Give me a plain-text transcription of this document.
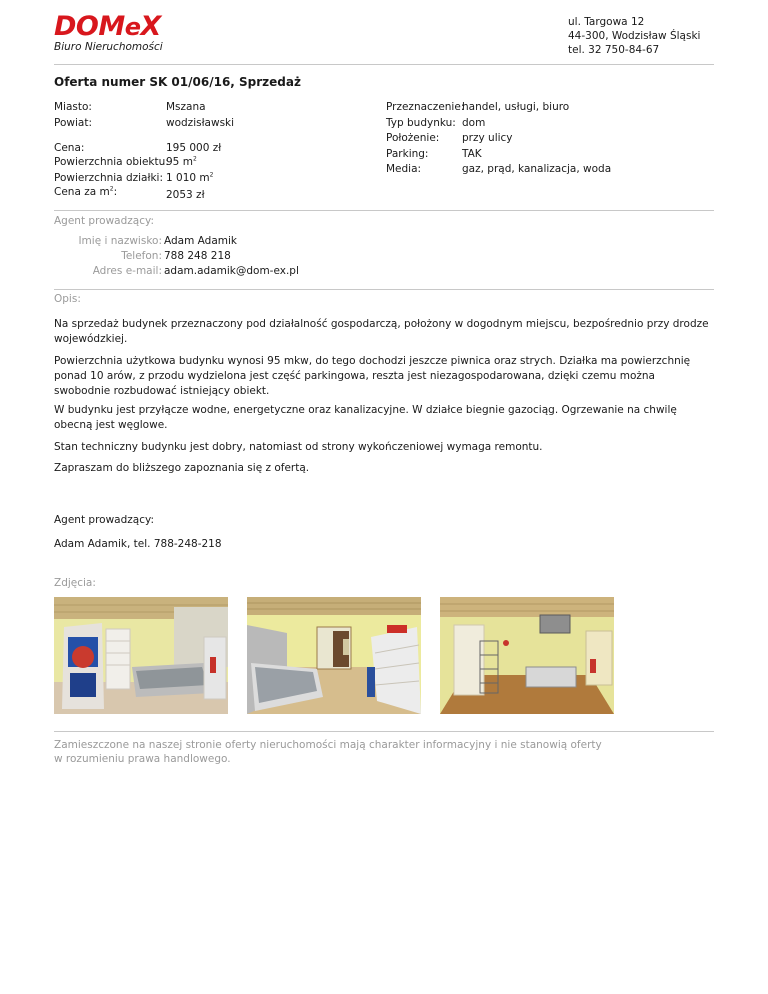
DOMeX
Biuro Nieruchomości
ul. Targowa 12
44-300, Wodzisław Śląski
tel. 32 750-84-67
Oferta numer SK 01/06/16, Sprzedaż
Miasto:	Mszana
Powiat:	wodzisławski
Cena:	195 000 zł
Powierzchnia obiektu:
95 $m^2$
Powierzchnia działki: 1 010 $m^2$
Cena za $m^2$:	2053 zł
Przeznaczenie:
handel, usługi, biuro
Typ budynku: dom
Położenie: przy ulicy
Parking:	TAK
Media:	gaz, prąd, kanalizacja, woda
Agent prowadzący:
Imię i nazwisko: Adam Adamik
Telefon: 788 248 218
Adres e-mail: adam.adamik@dom-ex.pl
Opis:
Na sprzedaż budynek przeznaczony pod działalność gospodarczą, położony w dogodnym miejscu, bezpośrednio przy drodze wojewódzkiej.
Powierzchnia użytkowa budynku wynosi 95 mkw, do tego dochodzi jeszcze piwnica oraz strych. Działka ma powierzchnię ponad 10 arów, z przodu wydzielona jest część parkingowa, reszta jest niezagospodarowana, dzięki czemu można swobodnie rozbudować istniejący obiekt.
W budynku jest przyłącze wodne, energetyczne oraz kanalizacyjne. W działce biegnie gazociąg. Ogrzewanie na chwilę obecną jest węglowe.
Stan techniczny budynku jest dobry, natomiast od strony wykończeniowej wymaga remontu.
Zapraszam do bliższego zapoznania się z ofertą.
Agent prowadzący:
Adam Adamik, tel. 788-248-218
Zdjęcia:
Zamieszczone na naszej stronie oferty nieruchomości mają charakter informacyjny i nie stanowią oferty
w rozumieniu prawa handlowego.
